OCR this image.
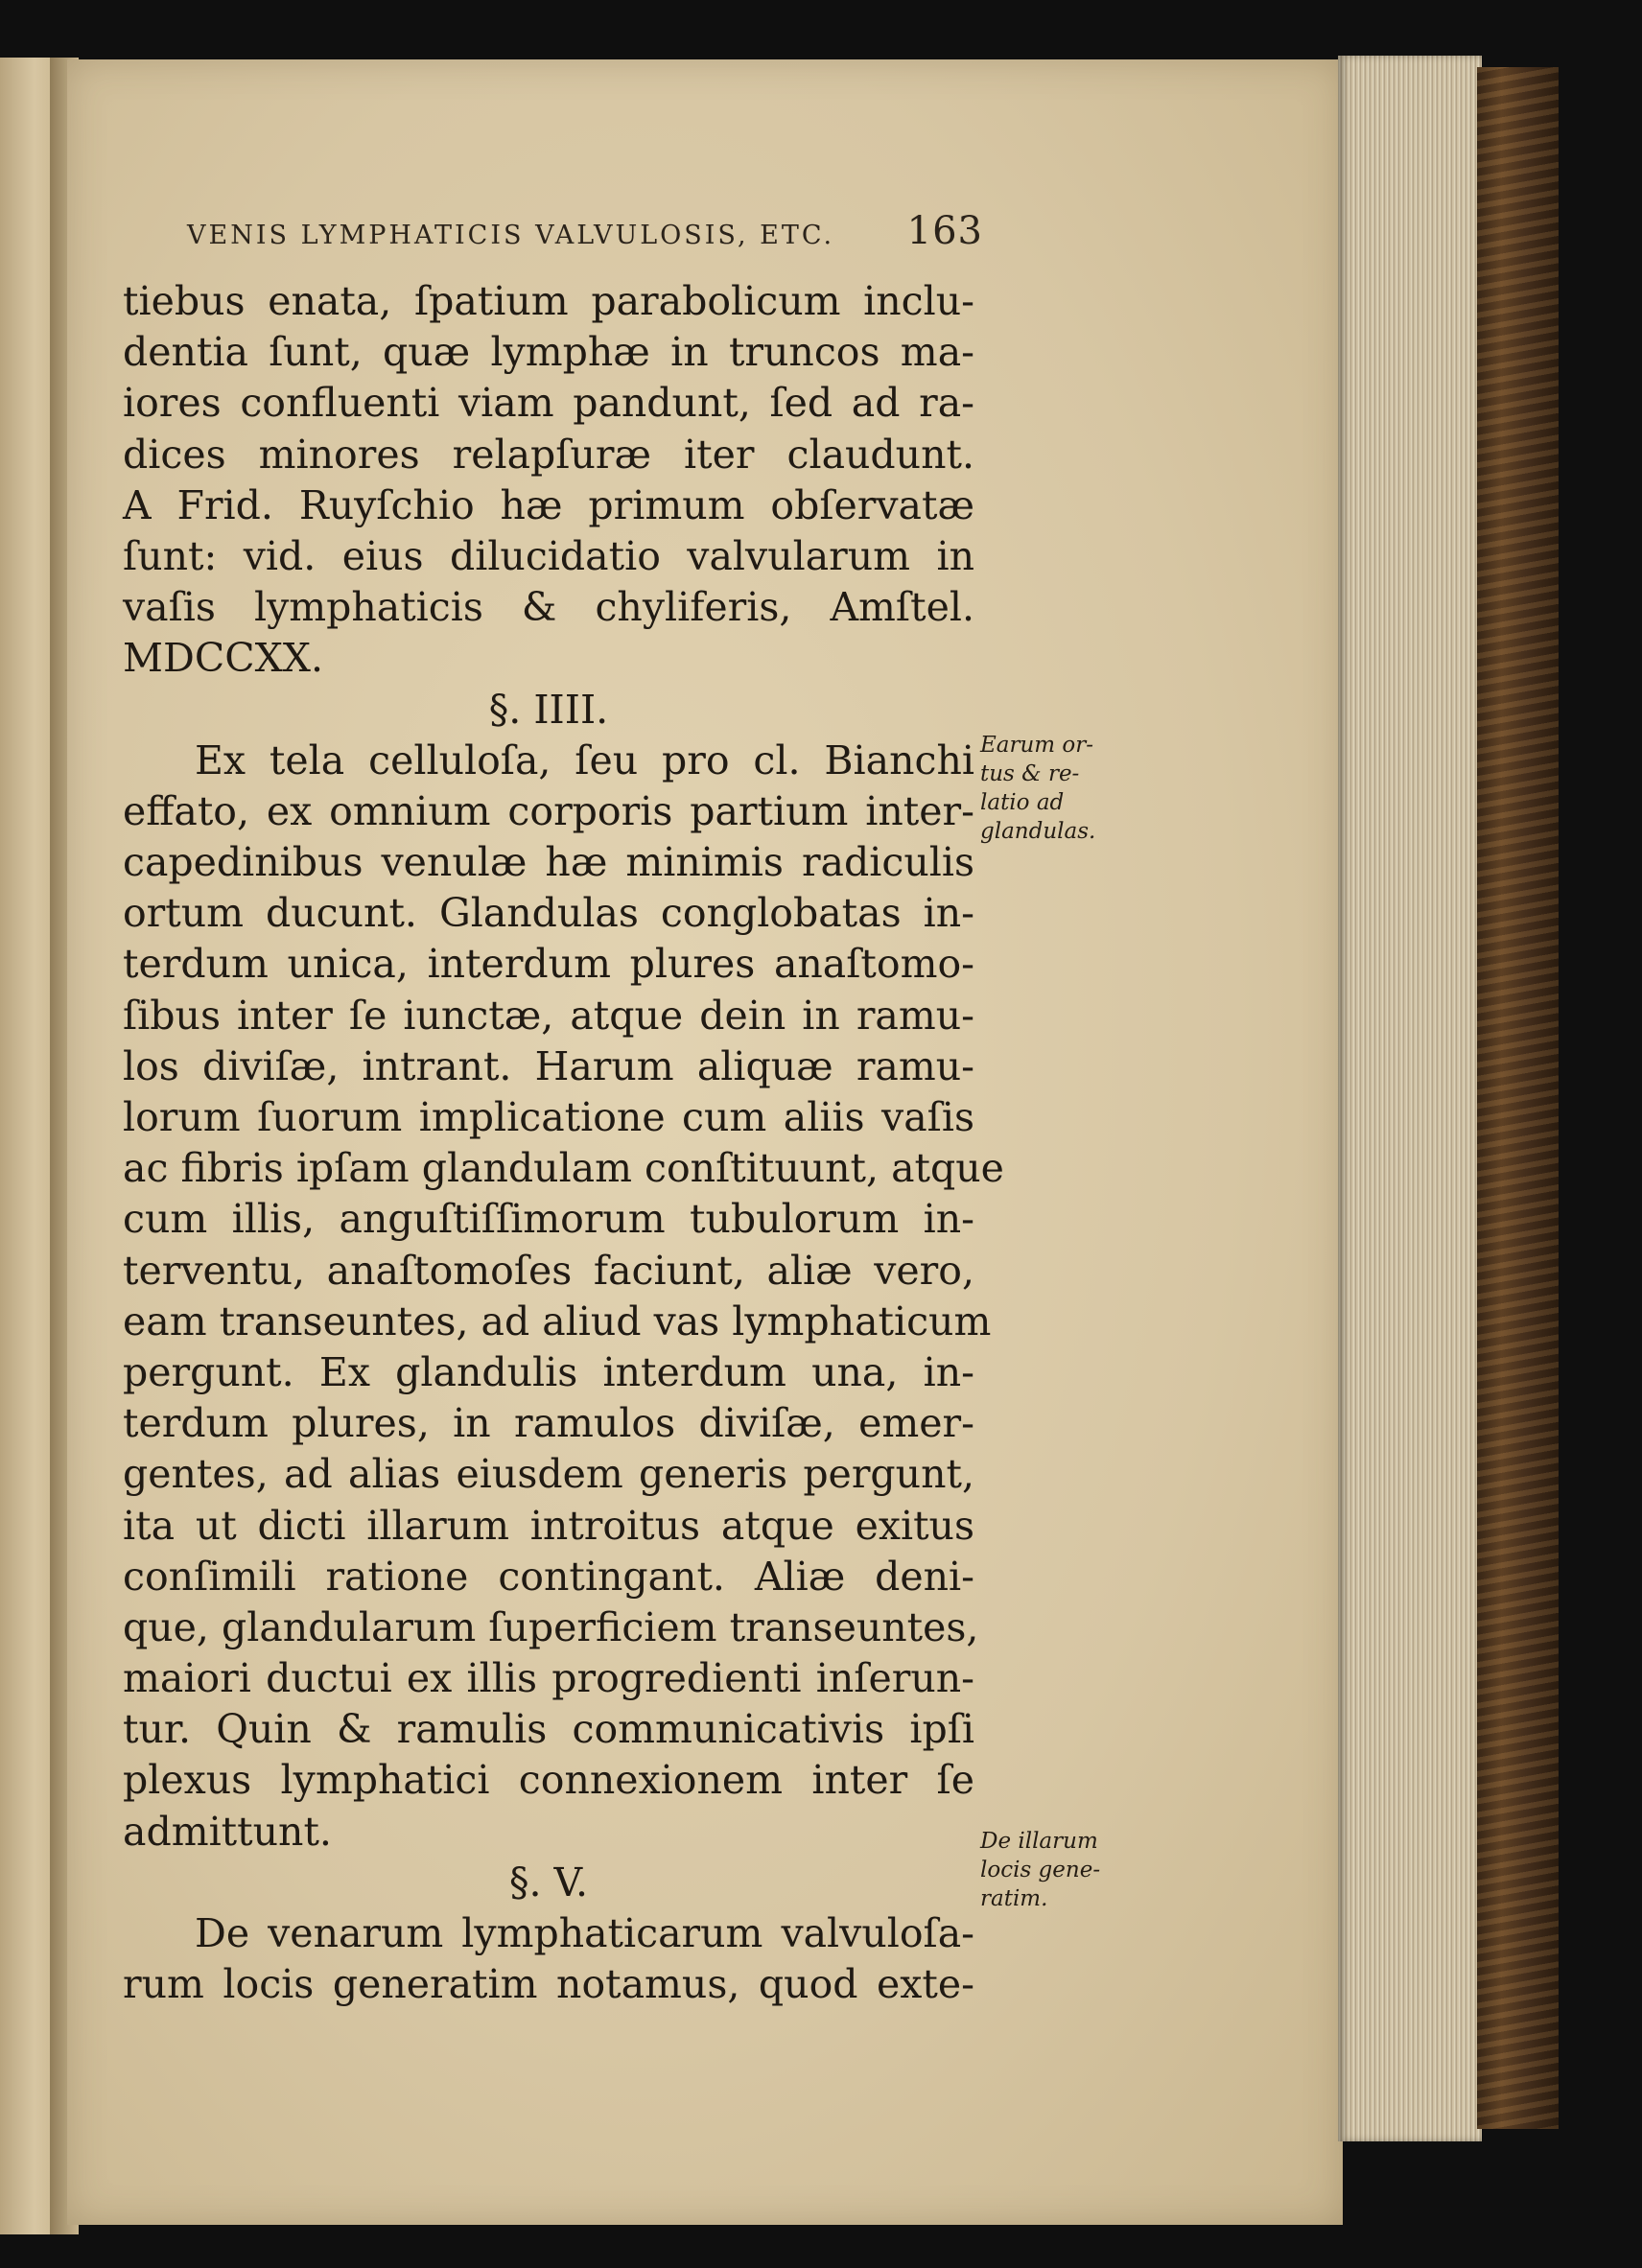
VENIS LYMPHATICIS VALVULOSIS, ETC. 163
tiebus enata, ſpatium parabolicum inclu-
dentia ſunt, quæ lymphæ in truncos ma-
iores confluenti viam pandunt, ſed ad ra-
dices minores relapſuræ iter claudunt.
A Frid. Ruyſchio hæ primum obſervatæ
ſunt: vid. eius dilucidatio valvularum in
vaſis lymphaticis & chyliferis, Amſtel.
MDCCXX.
§. IIII.
Ex tela celluloſa, ſeu pro cl. Bianchi
effato, ex omnium corporis partium inter-
capedinibus venulæ hæ minimis radiculis
ortum ducunt. Glandulas conglobatas in-
terdum unica, interdum plures anaſtomo-
ſibus inter ſe iunctæ, atque dein in ramu-
los diviſæ, intrant. Harum aliquæ ramu-
lorum ſuorum implicatione cum aliis vaſis
ac fibris ipſam glandulam conſtituunt, atque
cum illis, anguſtiſſimorum tubulorum in-
terventu, anaſtomoſes faciunt, aliæ vero,
eam transeuntes, ad aliud vas lymphaticum
pergunt. Ex glandulis interdum una, in-
terdum plures, in ramulos diviſæ, emer-
gentes, ad alias eiusdem generis pergunt,
ita ut dicti illarum introitus atque exitus
conſimili ratione contingant. Aliæ deni-
que, glandularum ſuperficiem transeuntes,
maiori ductui ex illis progredienti inſerun-
tur. Quin & ramulis communicativis ipſi
plexus lymphatici connexionem inter ſe
admittunt.
§. V.
De venarum lymphaticarum valvuloſa-
rum locis generatim notamus, quod exte-
Earum or-
tus & re-
latio ad
glandulas.
De illarum
locis gene-
ratim.
